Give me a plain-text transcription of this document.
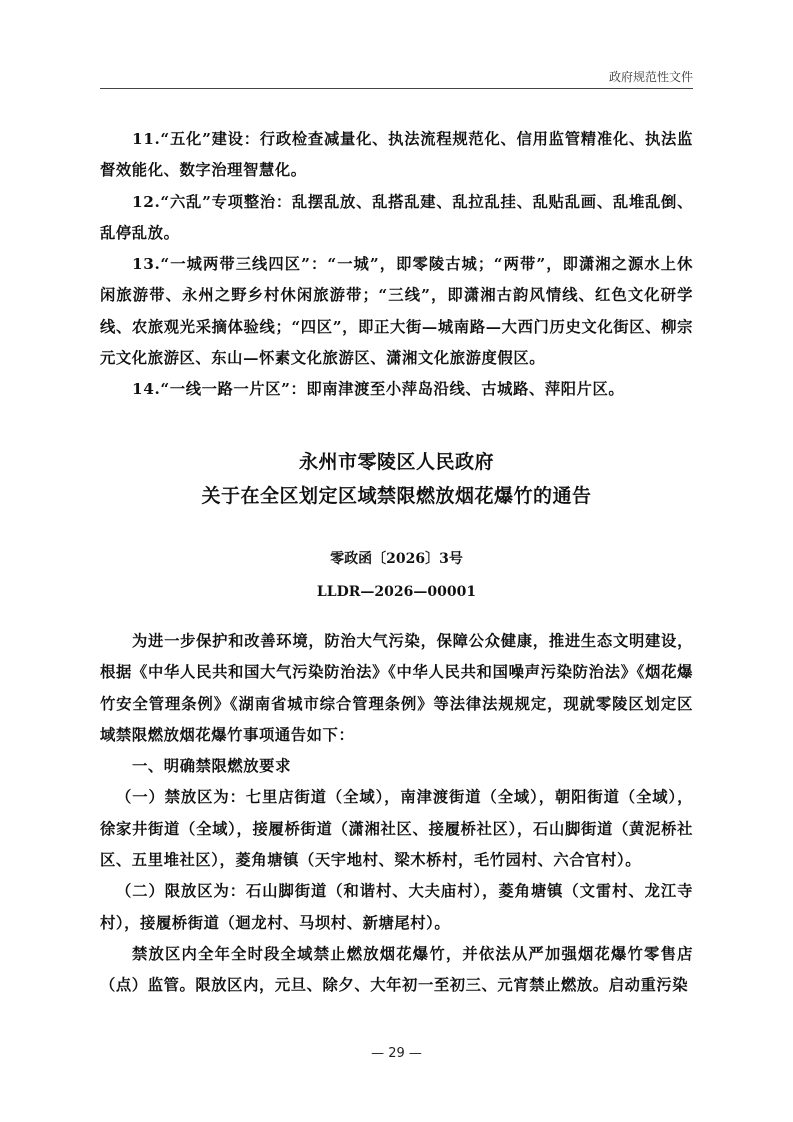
政府规范性文件

11.“五化”建设：行政检查减量化、执法流程规范化、信用监管精准化、执法监督效能化、数字治理智慧化。

12.“六乱”专项整治：乱摆乱放、乱搭乱建、乱拉乱挂、乱贴乱画、乱堆乱倒、乱停乱放。

13.“一城两带三线四区”：“一城”，即零陵古城；“两带”，即潇湘之源水上休闲旅游带、永州之野乡村休闲旅游带；“三线”，即潇湘古韵风情线、红色文化研学线、农旅观光采摘体验线；“四区”，即正大街—城南路—大西门历史文化街区、柳宗元文化旅游区、东山—怀素文化旅游区、潇湘文化旅游度假区。

14.“一线一路一片区”：即南津渡至小萍岛沿线、古城路、萍阳片区。

永州市零陵区人民政府
关于在全区划定区域禁限燃放烟花爆竹的通告
零政函〔2026〕3号
LLDR—2026—00001

为进一步保护和改善环境，防治大气污染，保障公众健康，推进生态文明建设，根据《中华人民共和国大气污染防治法》《中华人民共和国噪声污染防治法》《烟花爆竹安全管理条例》《湖南省城市综合管理条例》等法律法规规定，现就零陵区划定区域禁限燃放烟花爆竹事项通告如下：

一、明确禁限燃放要求

（一）禁放区为：七里店街道（全域），南津渡街道（全域），朝阳街道（全域），徐家井街道（全域），接履桥街道（潇湘社区、接履桥社区），石山脚街道（黄泥桥社区、五里堆社区），菱角塘镇（天宇地村、梁木桥村，毛竹园村、六合官村）。

（二）限放区为：石山脚街道（和谐村、大夫庙村），菱角塘镇（文雷村、龙江寺村），接履桥街道（迴龙村、马坝村、新塘尾村）。

禁放区内全年全时段全域禁止燃放烟花爆竹，并依法从严加强烟花爆竹零售店（点）监管。限放区内，元旦、除夕、大年初一至初三、元宵禁止燃放。启动重污染

— 29 —
